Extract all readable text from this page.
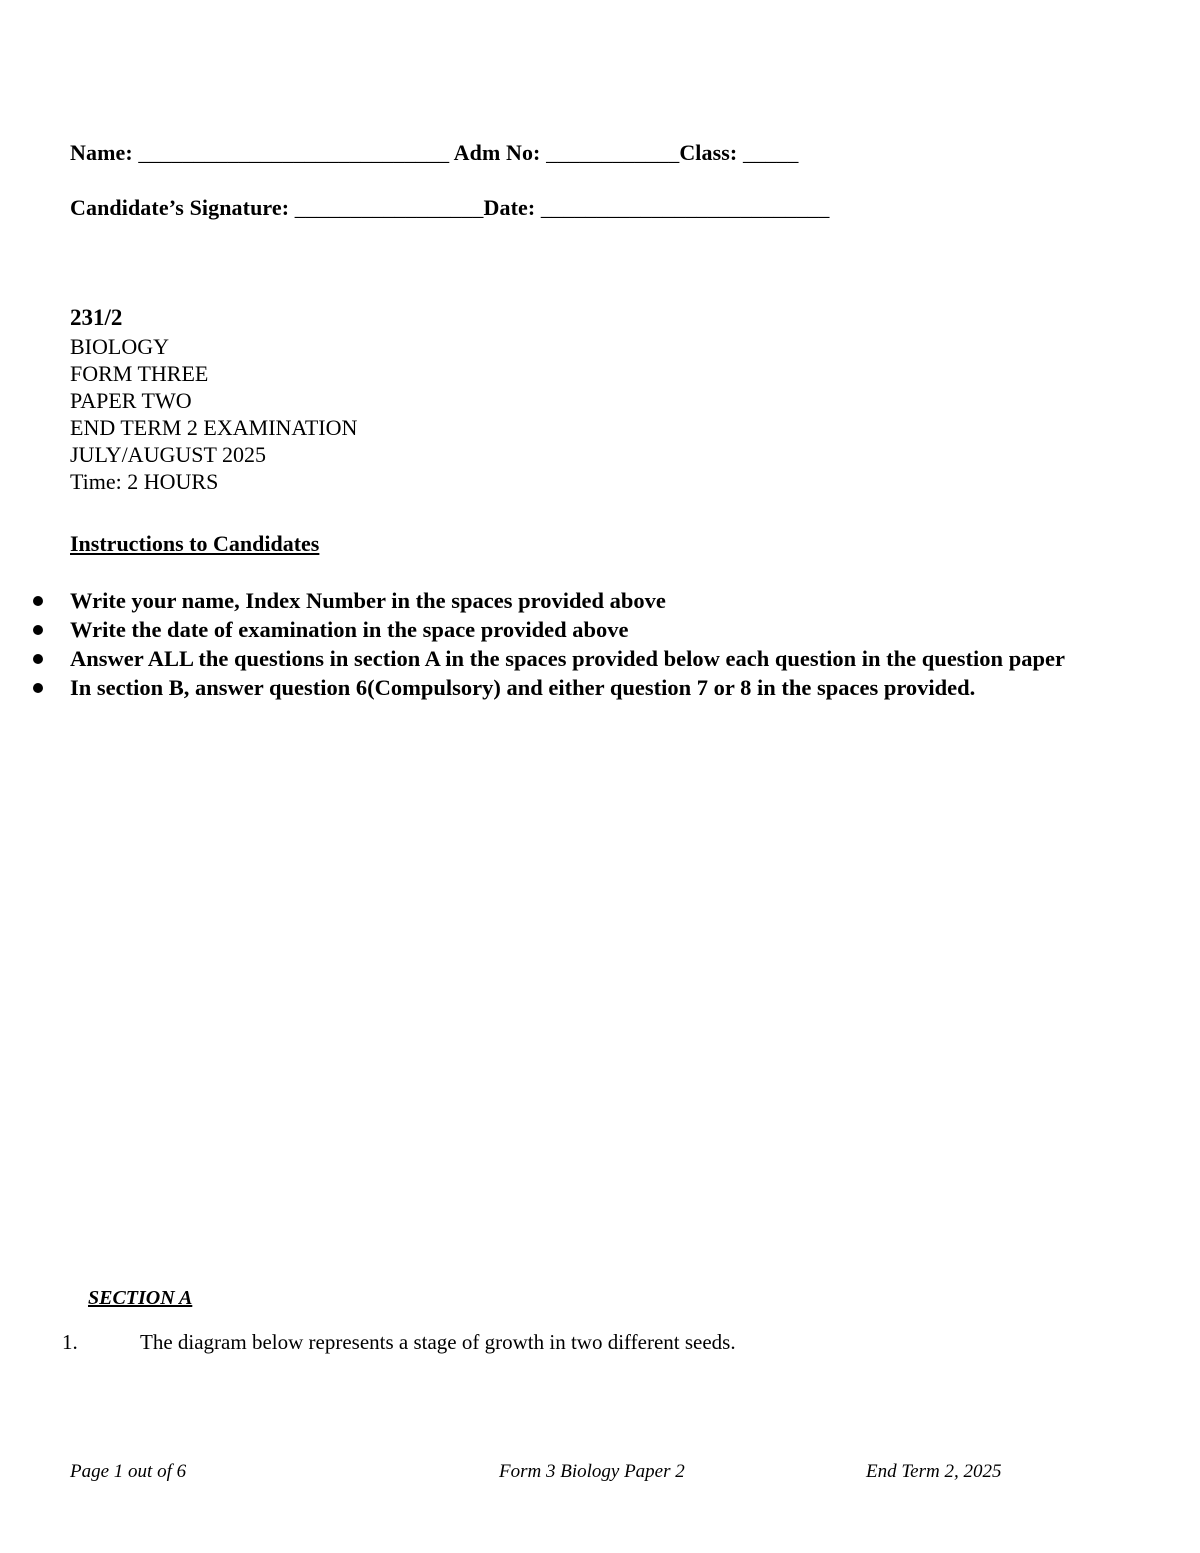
Name: ____________________________ Adm No: ____________Class: _____
Candidate’s Signature: _________________Date: __________________________
231/2
BIOLOGY
FORM THREE
PAPER TWO
END TERM 2 EXAMINATION
JULY/AUGUST 2025
Time: 2 HOURS
Instructions to Candidates
Write your name, Index Number in the spaces provided above
Write the date of examination in the space provided above
Answer ALL the questions in section A in the spaces provided below each question in the question paper
In section B, answer question 6(Compulsory) and either question 7 or 8 in the spaces provided.
SECTION A
1.	The diagram below represents a stage of growth in two different seeds.
Page 1 out of 6	Form 3 Biology Paper 2	End Term 2, 2025
